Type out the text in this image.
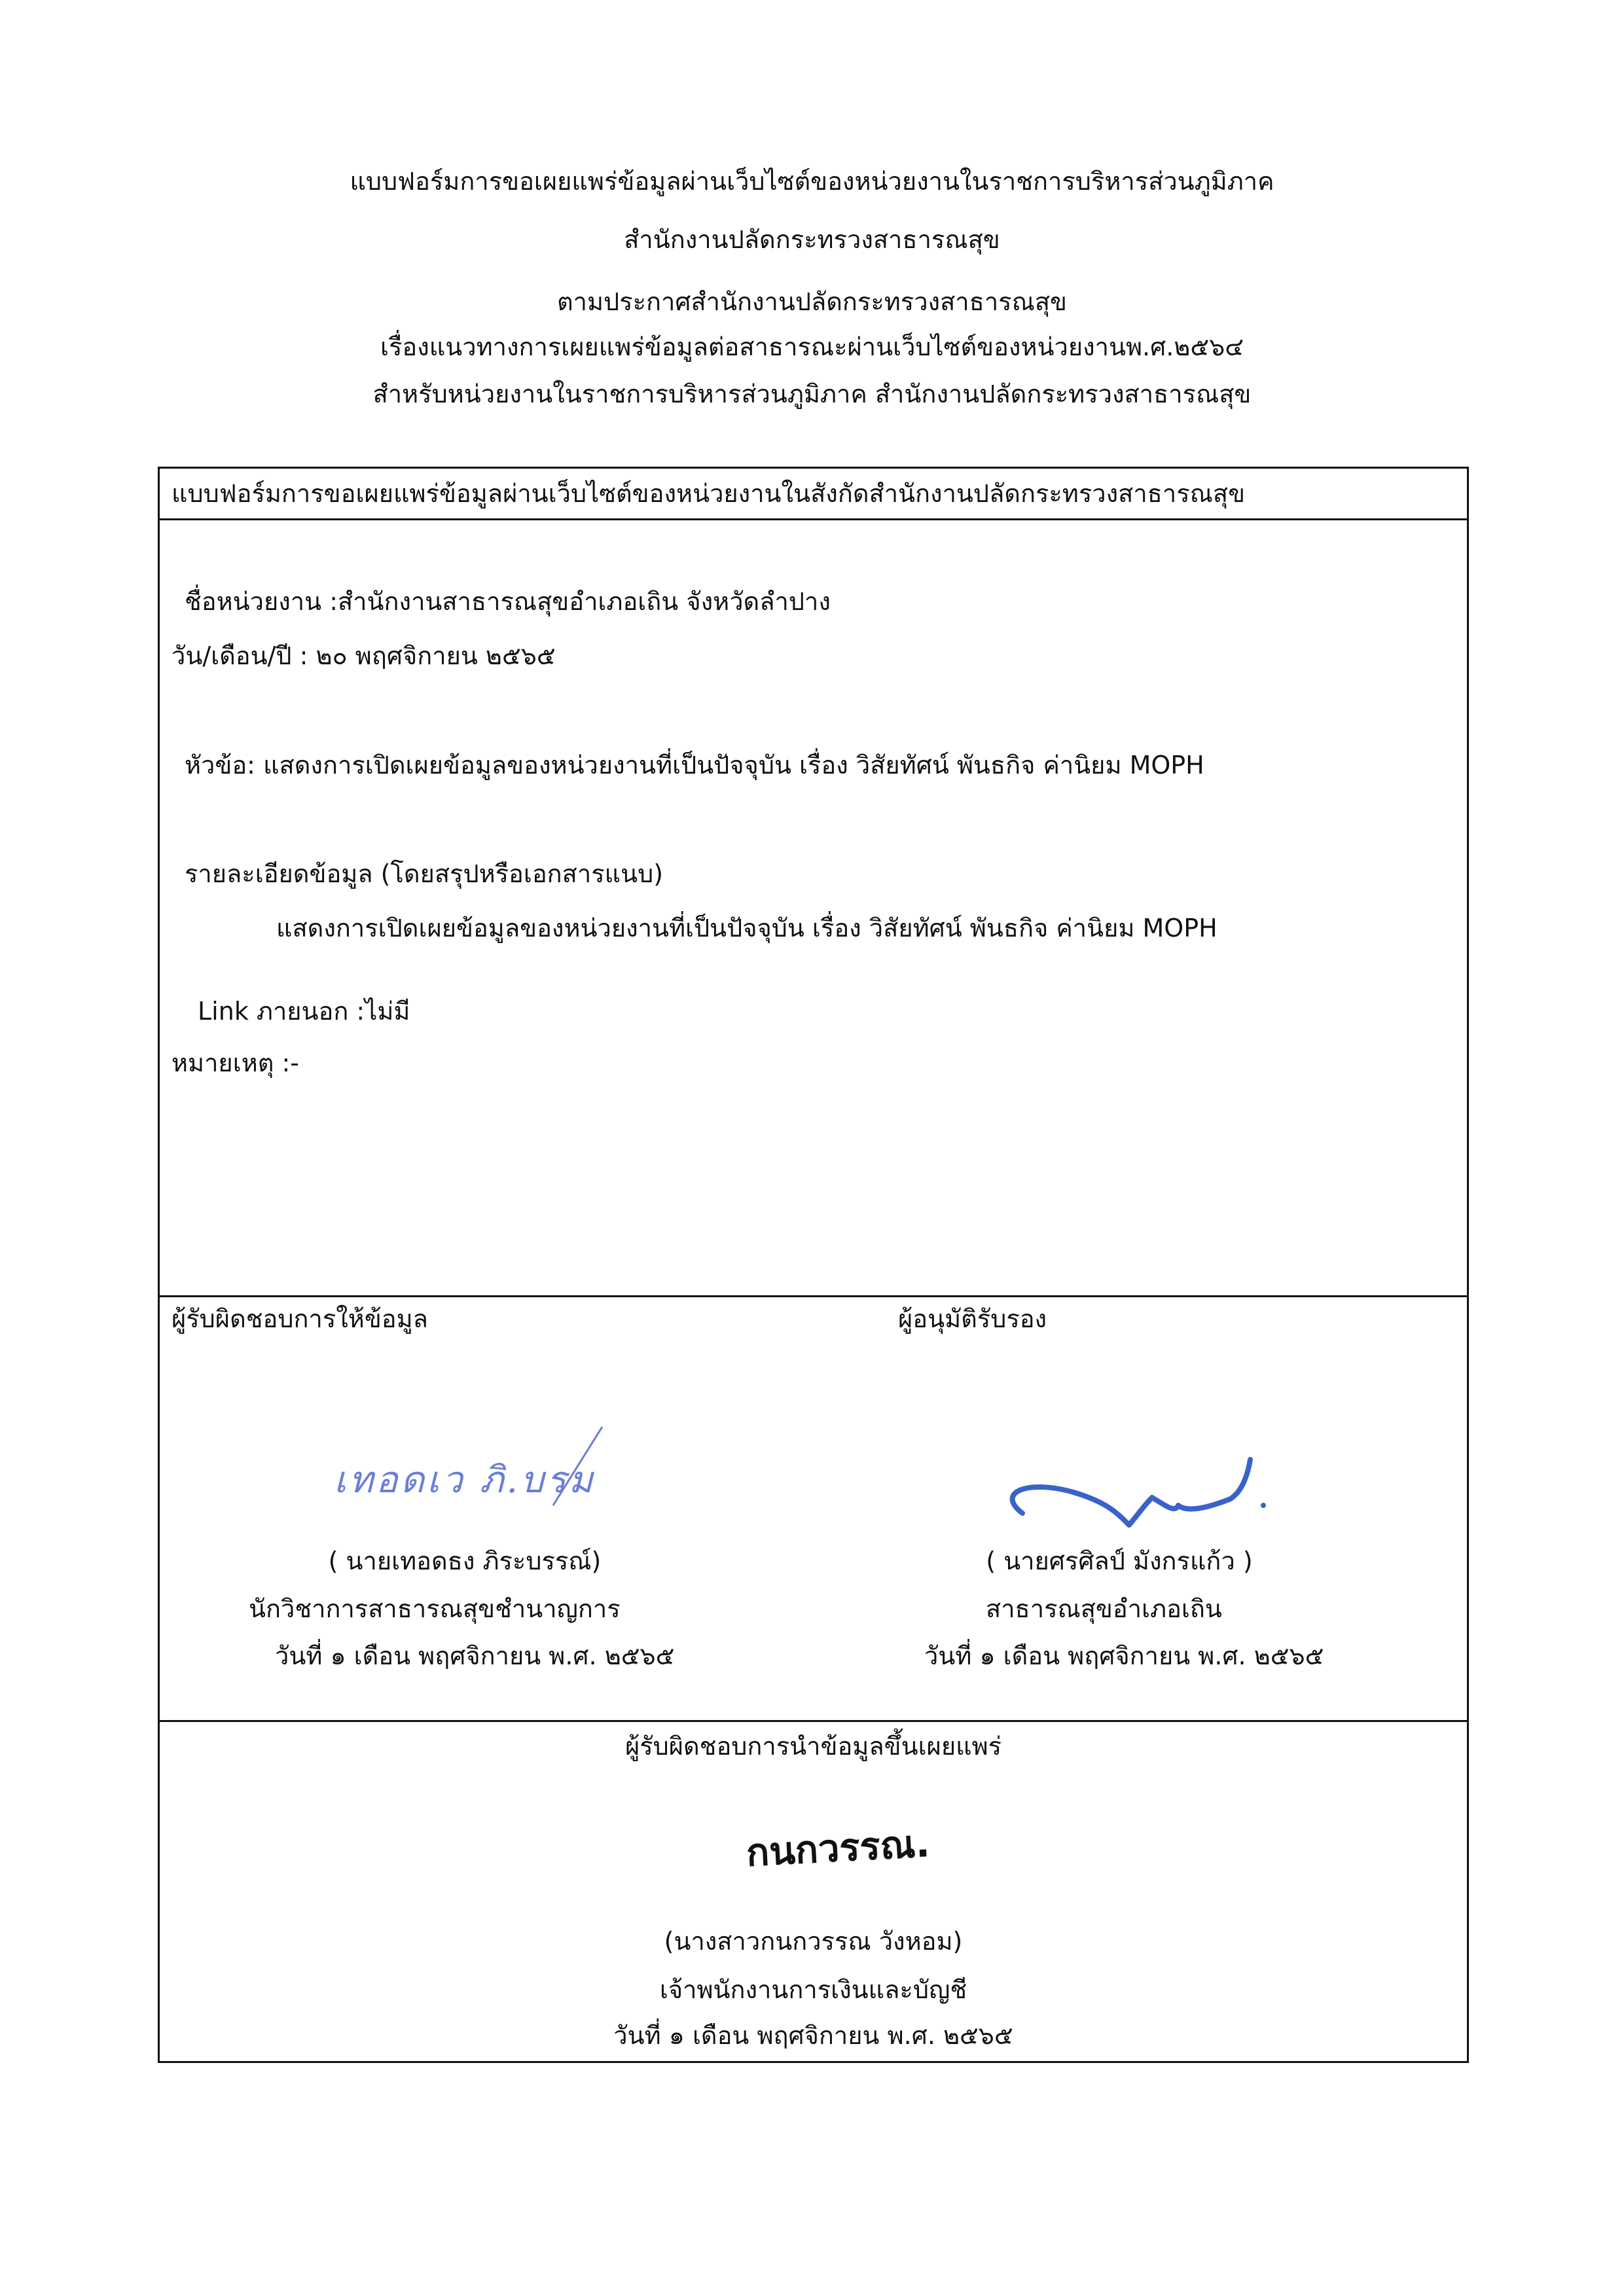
แบบฟอร์มการขอเผยแพร่ข้อมูลผ่านเว็บไซต์ของหน่วยงานในราชการบริหารส่วนภูมิภาค
สำนักงานปลัดกระทรวงสาธารณสุข
ตามประกาศสำนักงานปลัดกระทรวงสาธารณสุข
เรื่องแนวทางการเผยแพร่ข้อมูลต่อสาธารณะผ่านเว็บไซต์ของหน่วยงานพ.ศ.๒๕๖๔
สำหรับหน่วยงานในราชการบริหารส่วนภูมิภาค สำนักงานปลัดกระทรวงสาธารณสุข
แบบฟอร์มการขอเผยแพร่ข้อมูลผ่านเว็บไซต์ของหน่วยงานในสังกัดสำนักงานปลัดกระทรวงสาธารณสุข
ชื่อหน่วยงาน :สำนักงานสาธารณสุขอำเภอเถิน จังหวัดลำปาง
วัน/เดือน/ปี : ๒๐ พฤศจิกายน ๒๕๖๕
หัวข้อ: แสดงการเปิดเผยข้อมูลของหน่วยงานที่เป็นปัจจุบัน เรื่อง วิสัยทัศน์ พันธกิจ ค่านิยม MOPH
รายละเอียดข้อมูล (โดยสรุปหรือเอกสารแนบ)
แสดงการเปิดเผยข้อมูลของหน่วยงานที่เป็นปัจจุบัน เรื่อง วิสัยทัศน์ พันธกิจ ค่านิยม MOPH
Link ภายนอก :ไม่มี
หมายเหตุ :-
ผู้รับผิดชอบการให้ข้อมูล	ผู้อนุมัติรับรอง
เทอดเว ภิ.บรม
( นายเทอดธง ภิระบรรณ์)
นักวิชาการสาธารณสุขชำนาญการ
วันที่ ๑ เดือน พฤศจิกายน พ.ศ. ๒๕๖๕
( นายศรศิลป์ มังกรแก้ว )
สาธารณสุขอำเภอเถิน
วันที่ ๑ เดือน พฤศจิกายน พ.ศ. ๒๕๖๕
ผู้รับผิดชอบการนำข้อมูลขึ้นเผยแพร่
กนกวรรณ.
(นางสาวกนกวรรณ วังหอม)
เจ้าพนักงานการเงินและบัญชี
วันที่ ๑ เดือน พฤศจิกายน พ.ศ. ๒๕๖๕
